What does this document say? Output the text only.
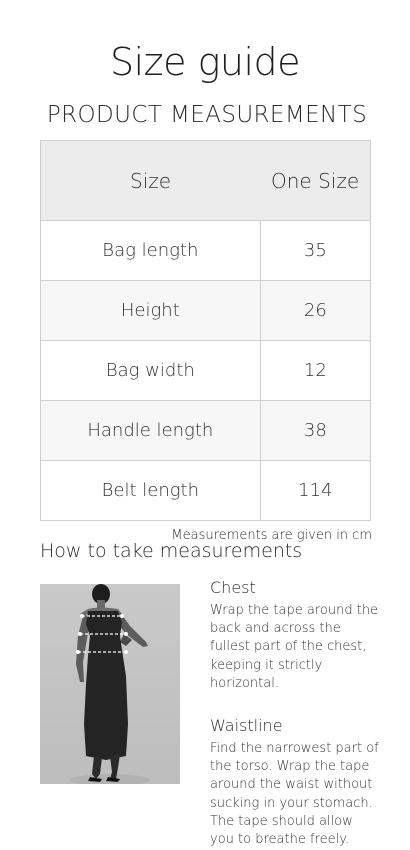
Size guide
PRODUCT MEASUREMENTS
Size	One Size
Bag length	35
Height	26
Bag width	12
Handle length	38
Belt length	114
Measurements are given in cm
How to take measurements
Chest
Wrap the tape around the back and across the fullest part of the chest, keeping it strictly horizontal.
Waistline
Find the narrowest part of the torso. Wrap the tape around the waist without sucking in your stomach. The tape should allow you to breathe freely.
